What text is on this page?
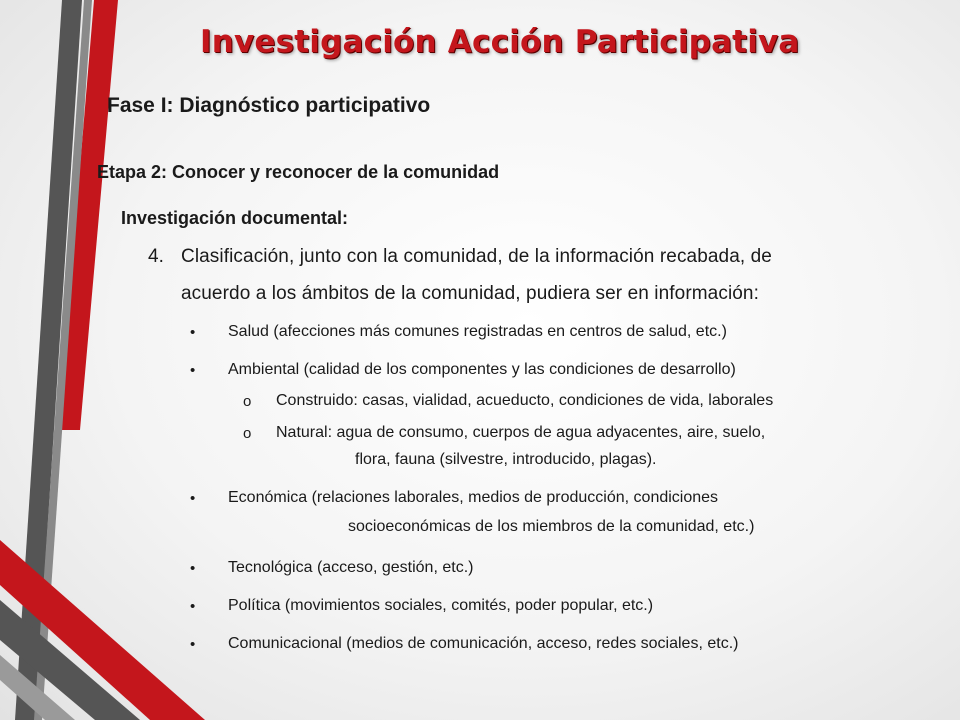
Investigación Acción Participativa
Fase I: Diagnóstico participativo
Etapa 2: Conocer y reconocer de la comunidad
Investigación documental:
4. Clasificación, junto con la comunidad, de la información recabada, de
acuerdo a los ámbitos de la comunidad, pudiera ser en información:
• Salud (afecciones más comunes registradas en centros de salud, etc.)
• Ambiental (calidad de los componentes y las condiciones de desarrollo)
o Construido: casas, vialidad, acueducto, condiciones de vida, laborales
o Natural: agua de consumo, cuerpos de agua adyacentes, aire, suelo,
flora, fauna (silvestre, introducido, plagas).
• Económica (relaciones laborales, medios de producción, condiciones
socioeconómicas de los miembros de la comunidad, etc.)
• Tecnológica (acceso, gestión, etc.)
• Política (movimientos sociales, comités, poder popular, etc.)
• Comunicacional (medios de comunicación, acceso, redes sociales, etc.)
